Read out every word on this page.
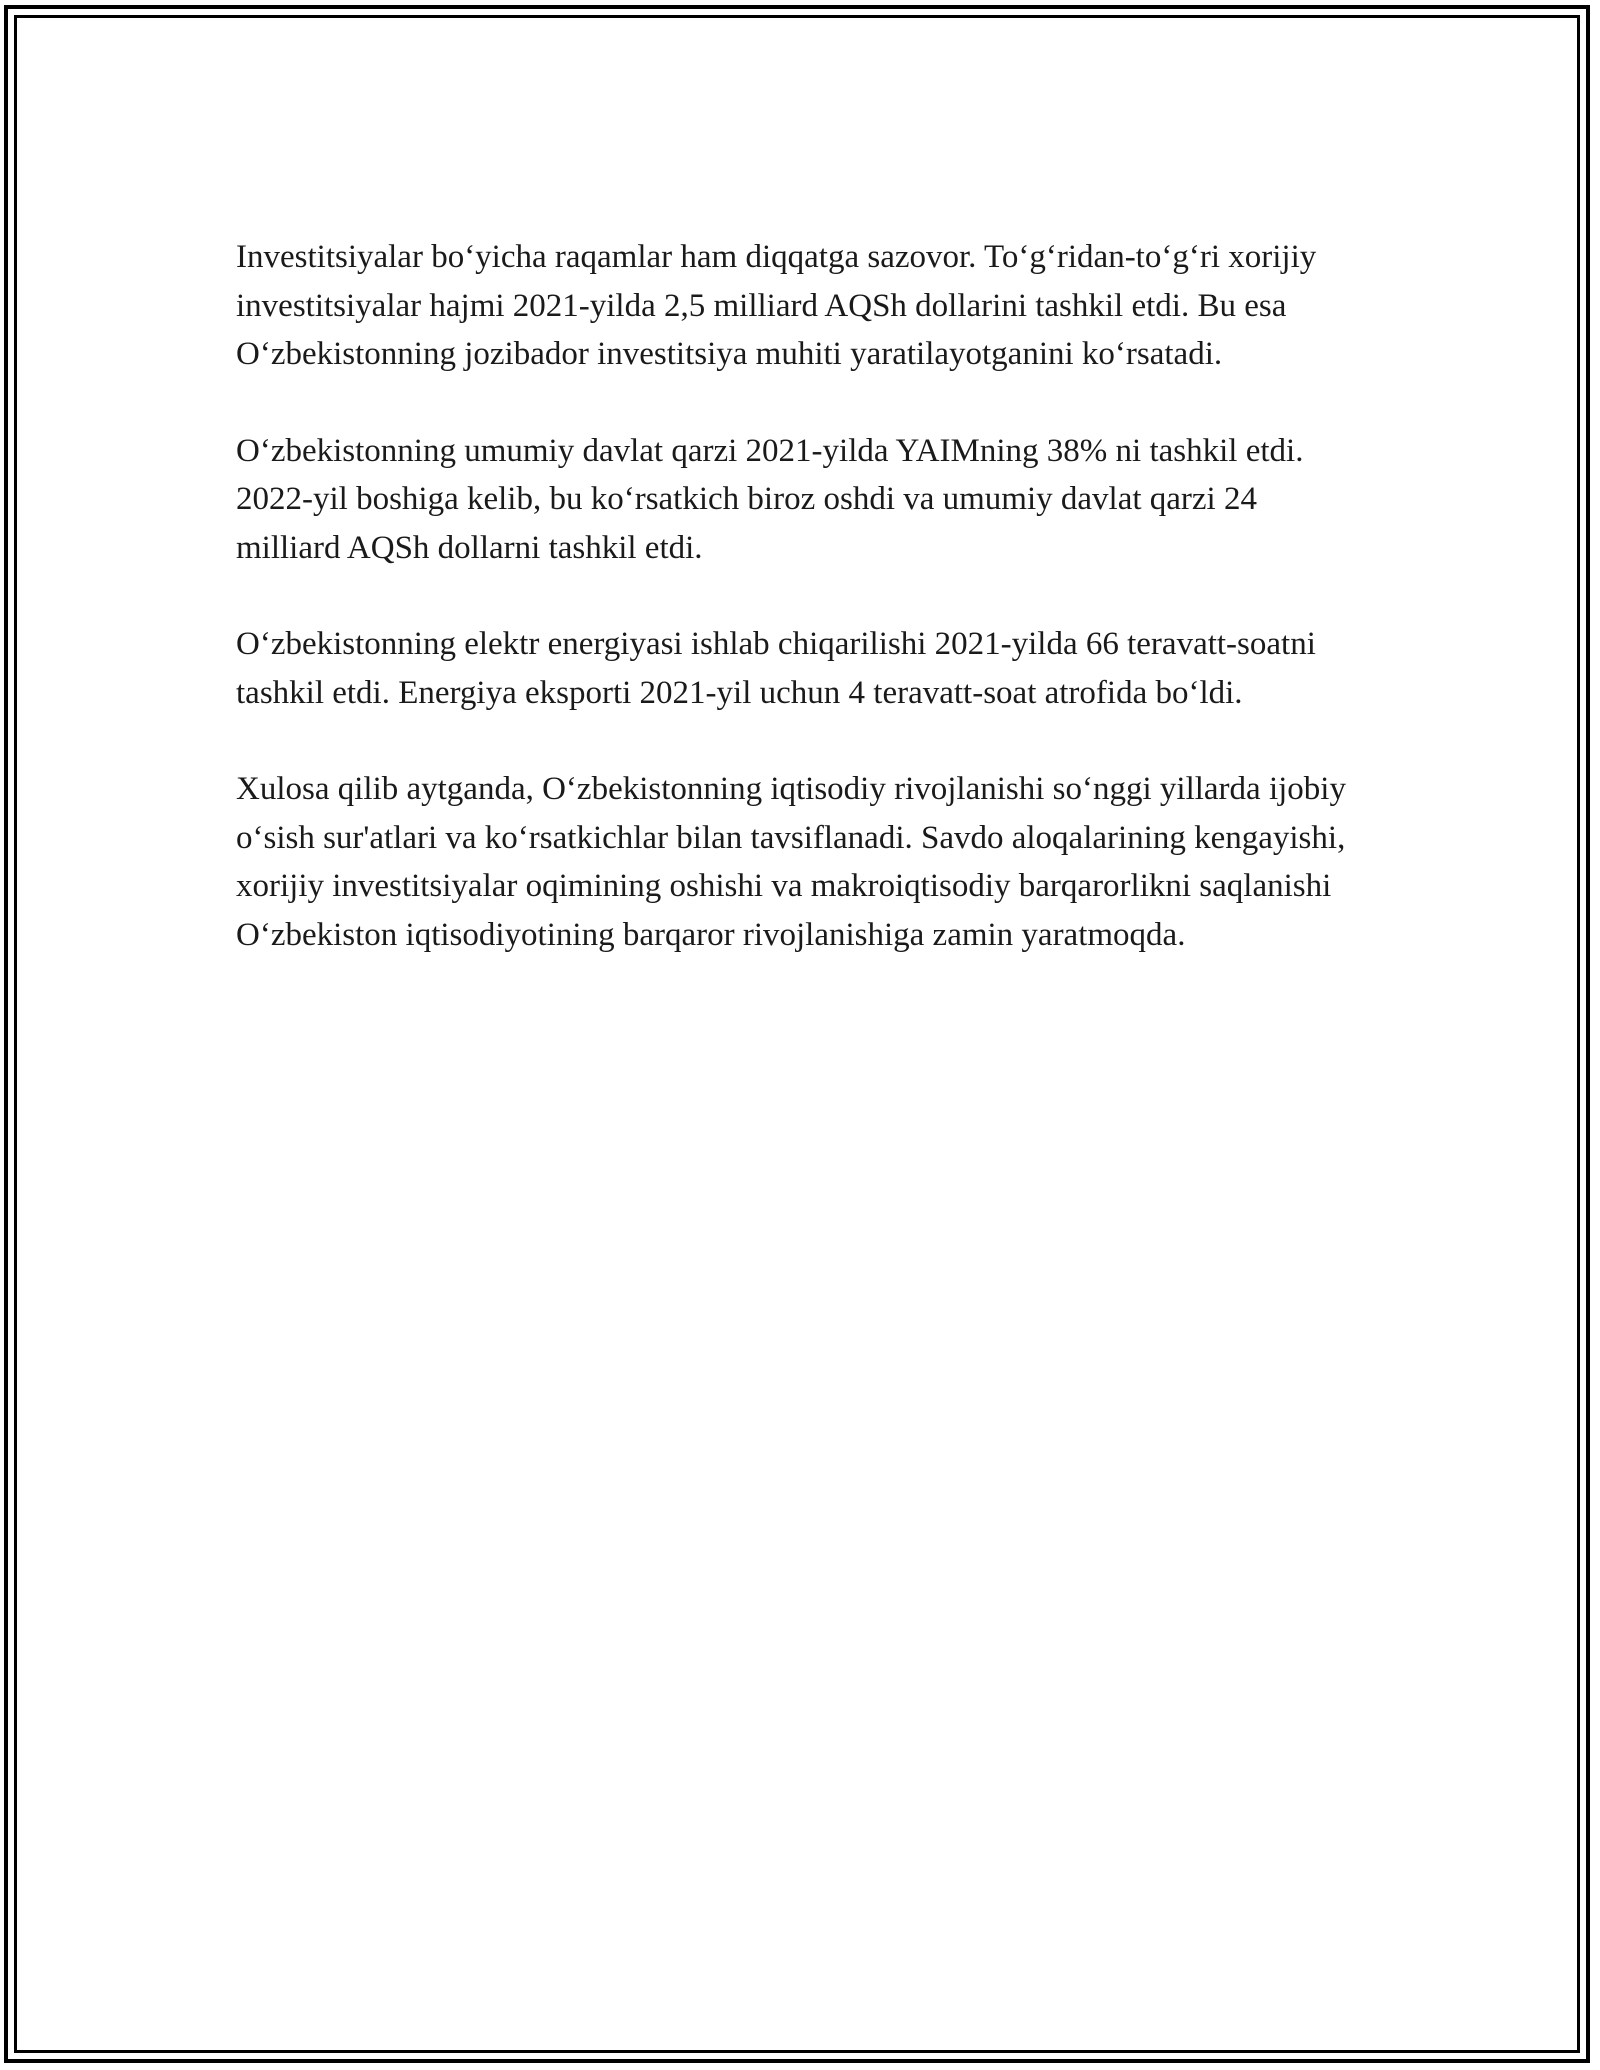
Investitsiyalar bo‘yicha raqamlar ham diqqatga sazovor. To‘g‘ridan-to‘g‘ri xorijiy investitsiyalar hajmi 2021-yilda 2,5 milliard AQSh dollarini tashkil etdi. Bu esa O‘zbekistonning jozibador investitsiya muhiti yaratilayotganini ko‘rsatadi.

O‘zbekistonning umumiy davlat qarzi 2021-yilda YAIMning 38% ni tashkil etdi. 2022-yil boshiga kelib, bu ko‘rsatkich biroz oshdi va umumiy davlat qarzi 24 milliard AQSh dollarni tashkil etdi.

O‘zbekistonning elektr energiyasi ishlab chiqarilishi 2021-yilda 66 teravatt-soatni tashkil etdi. Energiya eksporti 2021-yil uchun 4 teravatt-soat atrofida bo‘ldi.

Xulosa qilib aytganda, O‘zbekistonning iqtisodiy rivojlanishi so‘nggi yillarda ijobiy o‘sish sur'atlari va ko‘rsatkichlar bilan tavsiflanadi. Savdo aloqalarining kengayishi, xorijiy investitsiyalar oqimining oshishi va makroiqtisodiy barqarorlikni saqlanishi O‘zbekiston iqtisodiyotining barqaror rivojlanishiga zamin yaratmoqda.
